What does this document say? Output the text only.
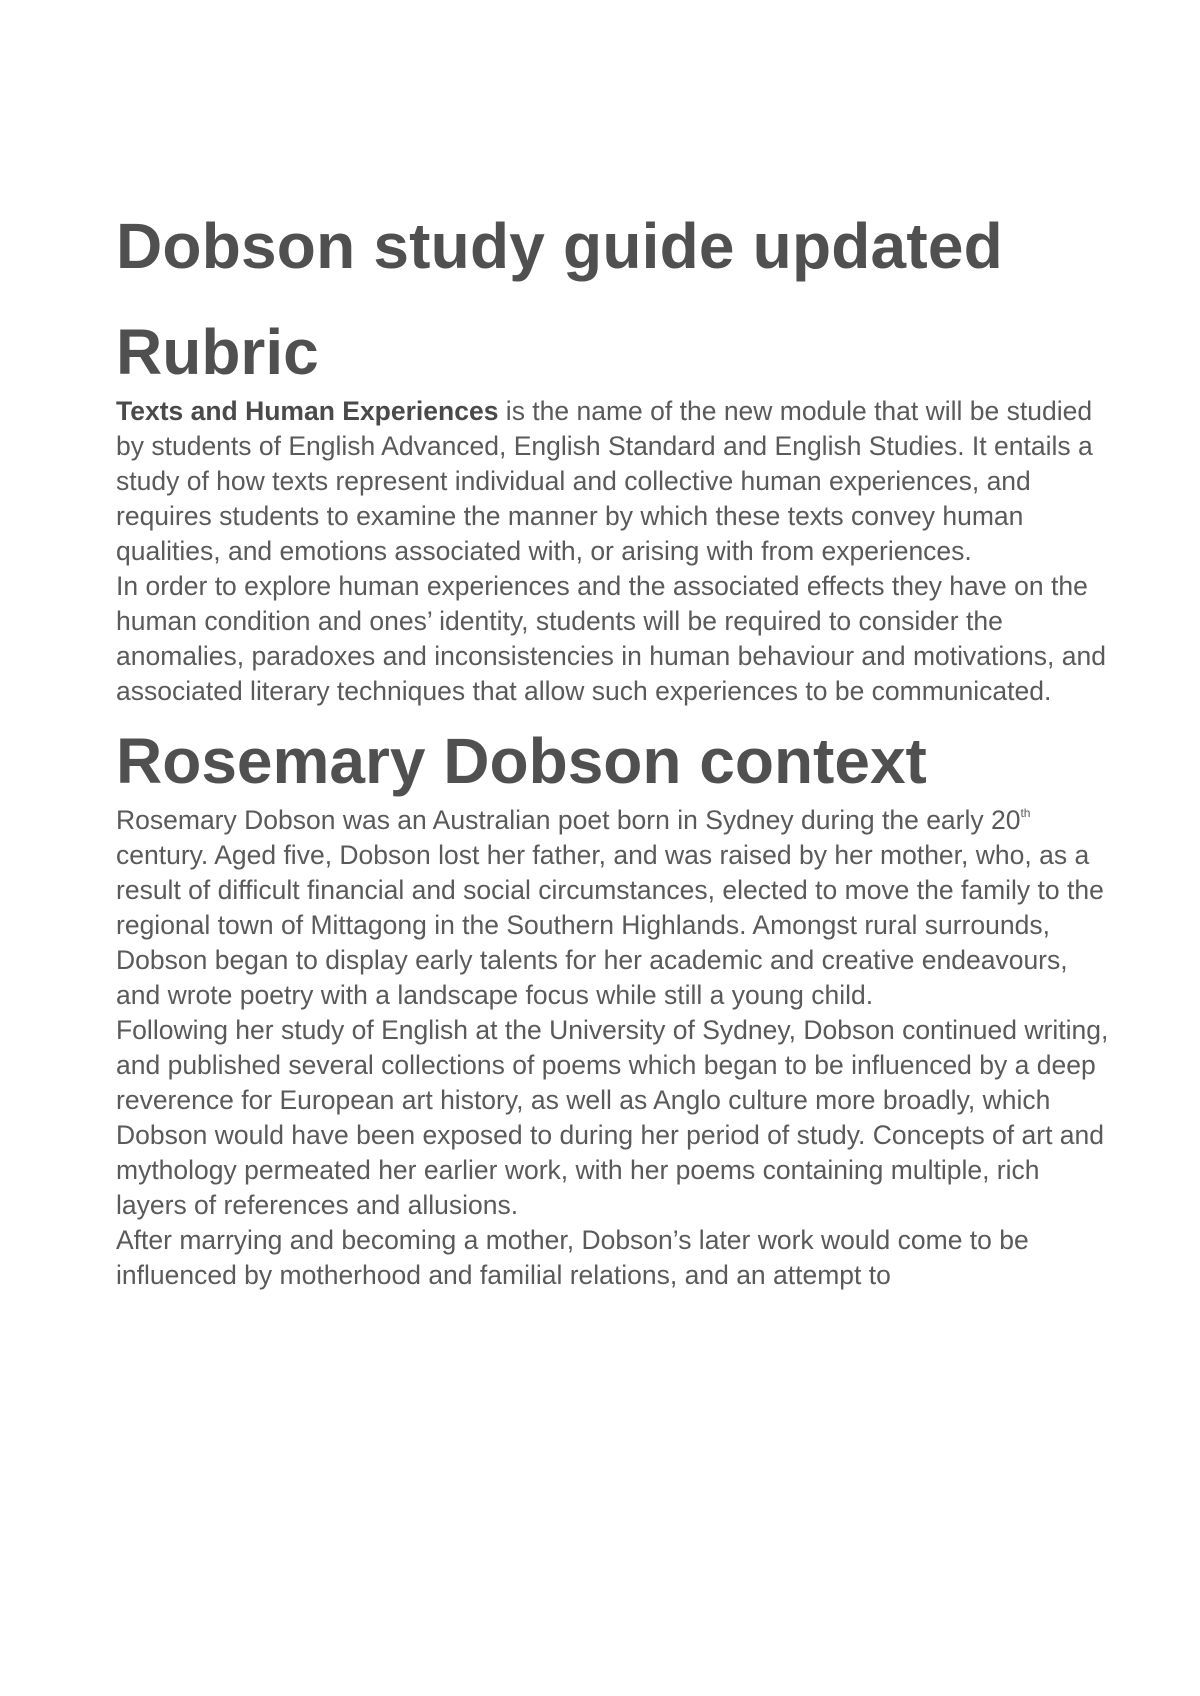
Dobson study guide updated
Rubric

Texts and Human Experiences is the name of the new module that will be studied by students of English Advanced, English Standard and English Studies. It entails a study of how texts represent individual and collective human experiences, and requires students to examine the manner by which these texts convey human qualities, and emotions associated with, or arising with from experiences.

In order to explore human experiences and the associated effects they have on the human condition and ones’ identity, students will be required to consider the anomalies, paradoxes and inconsistencies in human behaviour and motivations, and associated literary techniques that allow such experiences to be communicated.

Rosemary Dobson context

Rosemary Dobson was an Australian poet born in Sydney during the early 20th century. Aged five, Dobson lost her father, and was raised by her mother, who, as a result of difficult financial and social circumstances, elected to move the family to the regional town of Mittagong in the Southern Highlands. Amongst rural surrounds, Dobson began to display early talents for her academic and creative endeavours, and wrote poetry with a landscape focus while still a young child.

Following her study of English at the University of Sydney, Dobson continued writing, and published several collections of poems which began to be influenced by a deep reverence for European art history, as well as Anglo culture more broadly, which Dobson would have been exposed to during her period of study. Concepts of art and mythology permeated her earlier work, with her poems containing multiple, rich layers of references and allusions.

After marrying and becoming a mother, Dobson’s later work would come to be influenced by motherhood and familial relations, and an attempt to
